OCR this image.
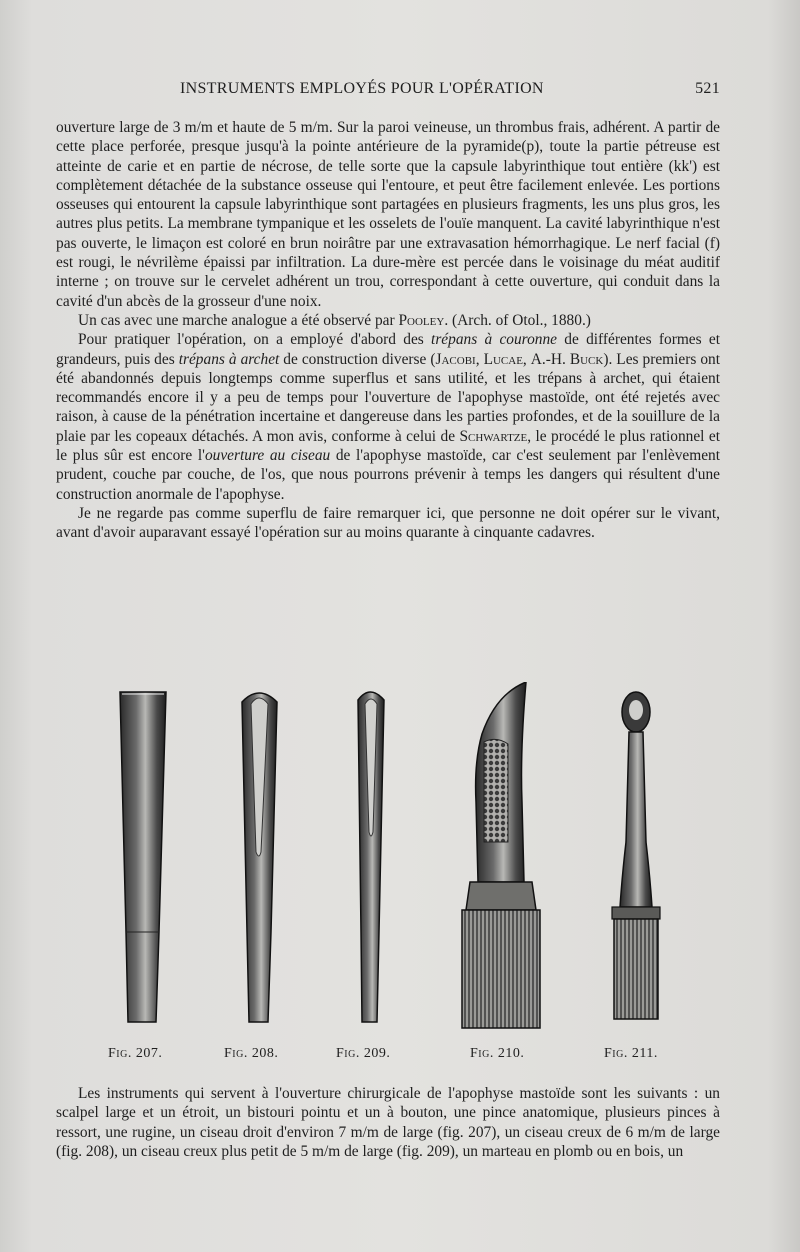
INSTRUMENTS EMPLOYÉS POUR L'OPÉRATION	521

ouverture large de 3 m/m et haute de 5 m/m. Sur la paroi veineuse, un thrombus frais, adhérent. A partir de cette place perforée, presque jusqu'à la pointe antérieure de la pyramide(p), toute la partie pétreuse est atteinte de carie et en partie de nécrose, de telle sorte que la capsule labyrinthique tout entière (kk') est complètement détachée de la substance osseuse qui l'entoure, et peut être facilement enlevée. Les portions osseuses qui entourent la capsule labyrinthique sont partagées en plusieurs fragments, les uns plus gros, les autres plus petits. La membrane tympanique et les osselets de l'ouïe manquent. La cavité labyrinthique n'est pas ouverte, le limaçon est coloré en brun noirâtre par une extravasation hémorrhagique. Le nerf facial (f) est rougi, le névrilème épaissi par infiltration. La dure-mère est percée dans le voisinage du méat auditif interne ; on trouve sur le cervelet adhérent un trou, correspondant à cette ouverture, qui conduit dans la cavité d'un abcès de la grosseur d'une noix.

Un cas avec une marche analogue a été observé par Pooley. (Arch. of Otol., 1880.)

Pour pratiquer l'opération, on a employé d'abord des trépans à couronne de différentes formes et grandeurs, puis des trépans à archet de construction diverse (Jacobi, Lucae, A.-H. Buck). Les premiers ont été abandonnés depuis longtemps comme superflus et sans utilité, et les trépans à archet, qui étaient recommandés encore il y a peu de temps pour l'ouverture de l'apophyse mastoïde, ont été rejetés avec raison, à cause de la pénétration incertaine et dangereuse dans les parties profondes, et de la souillure de la plaie par les copeaux détachés. A mon avis, conforme à celui de Schwartze, le procédé le plus rationnel et le plus sûr est encore l'ouverture au ciseau de l'apophyse mastoïde, car c'est seulement par l'enlèvement prudent, couche par couche, de l'os, que nous pourrons prévenir à temps les dangers qui résultent d'une construction anormale de l'apophyse.

Je ne regarde pas comme superflu de faire remarquer ici, que personne ne doit opérer sur le vivant, avant d'avoir auparavant essayé l'opération sur au moins quarante à cinquante cadavres.

Fig. 207.	Fig. 208.	Fig. 209.	Fig. 210.	Fig. 211.

Les instruments qui servent à l'ouverture chirurgicale de l'apophyse mastoïde sont les suivants : un scalpel large et un étroit, un bistouri pointu et un à bouton, une pince anatomique, plusieurs pinces à ressort, une rugine, un ciseau droit d'environ 7 m/m de large (fig. 207), un ciseau creux de 6 m/m de large (fig. 208), un ciseau creux plus petit de 5 m/m de large (fig. 209), un marteau en plomb ou en bois, un
